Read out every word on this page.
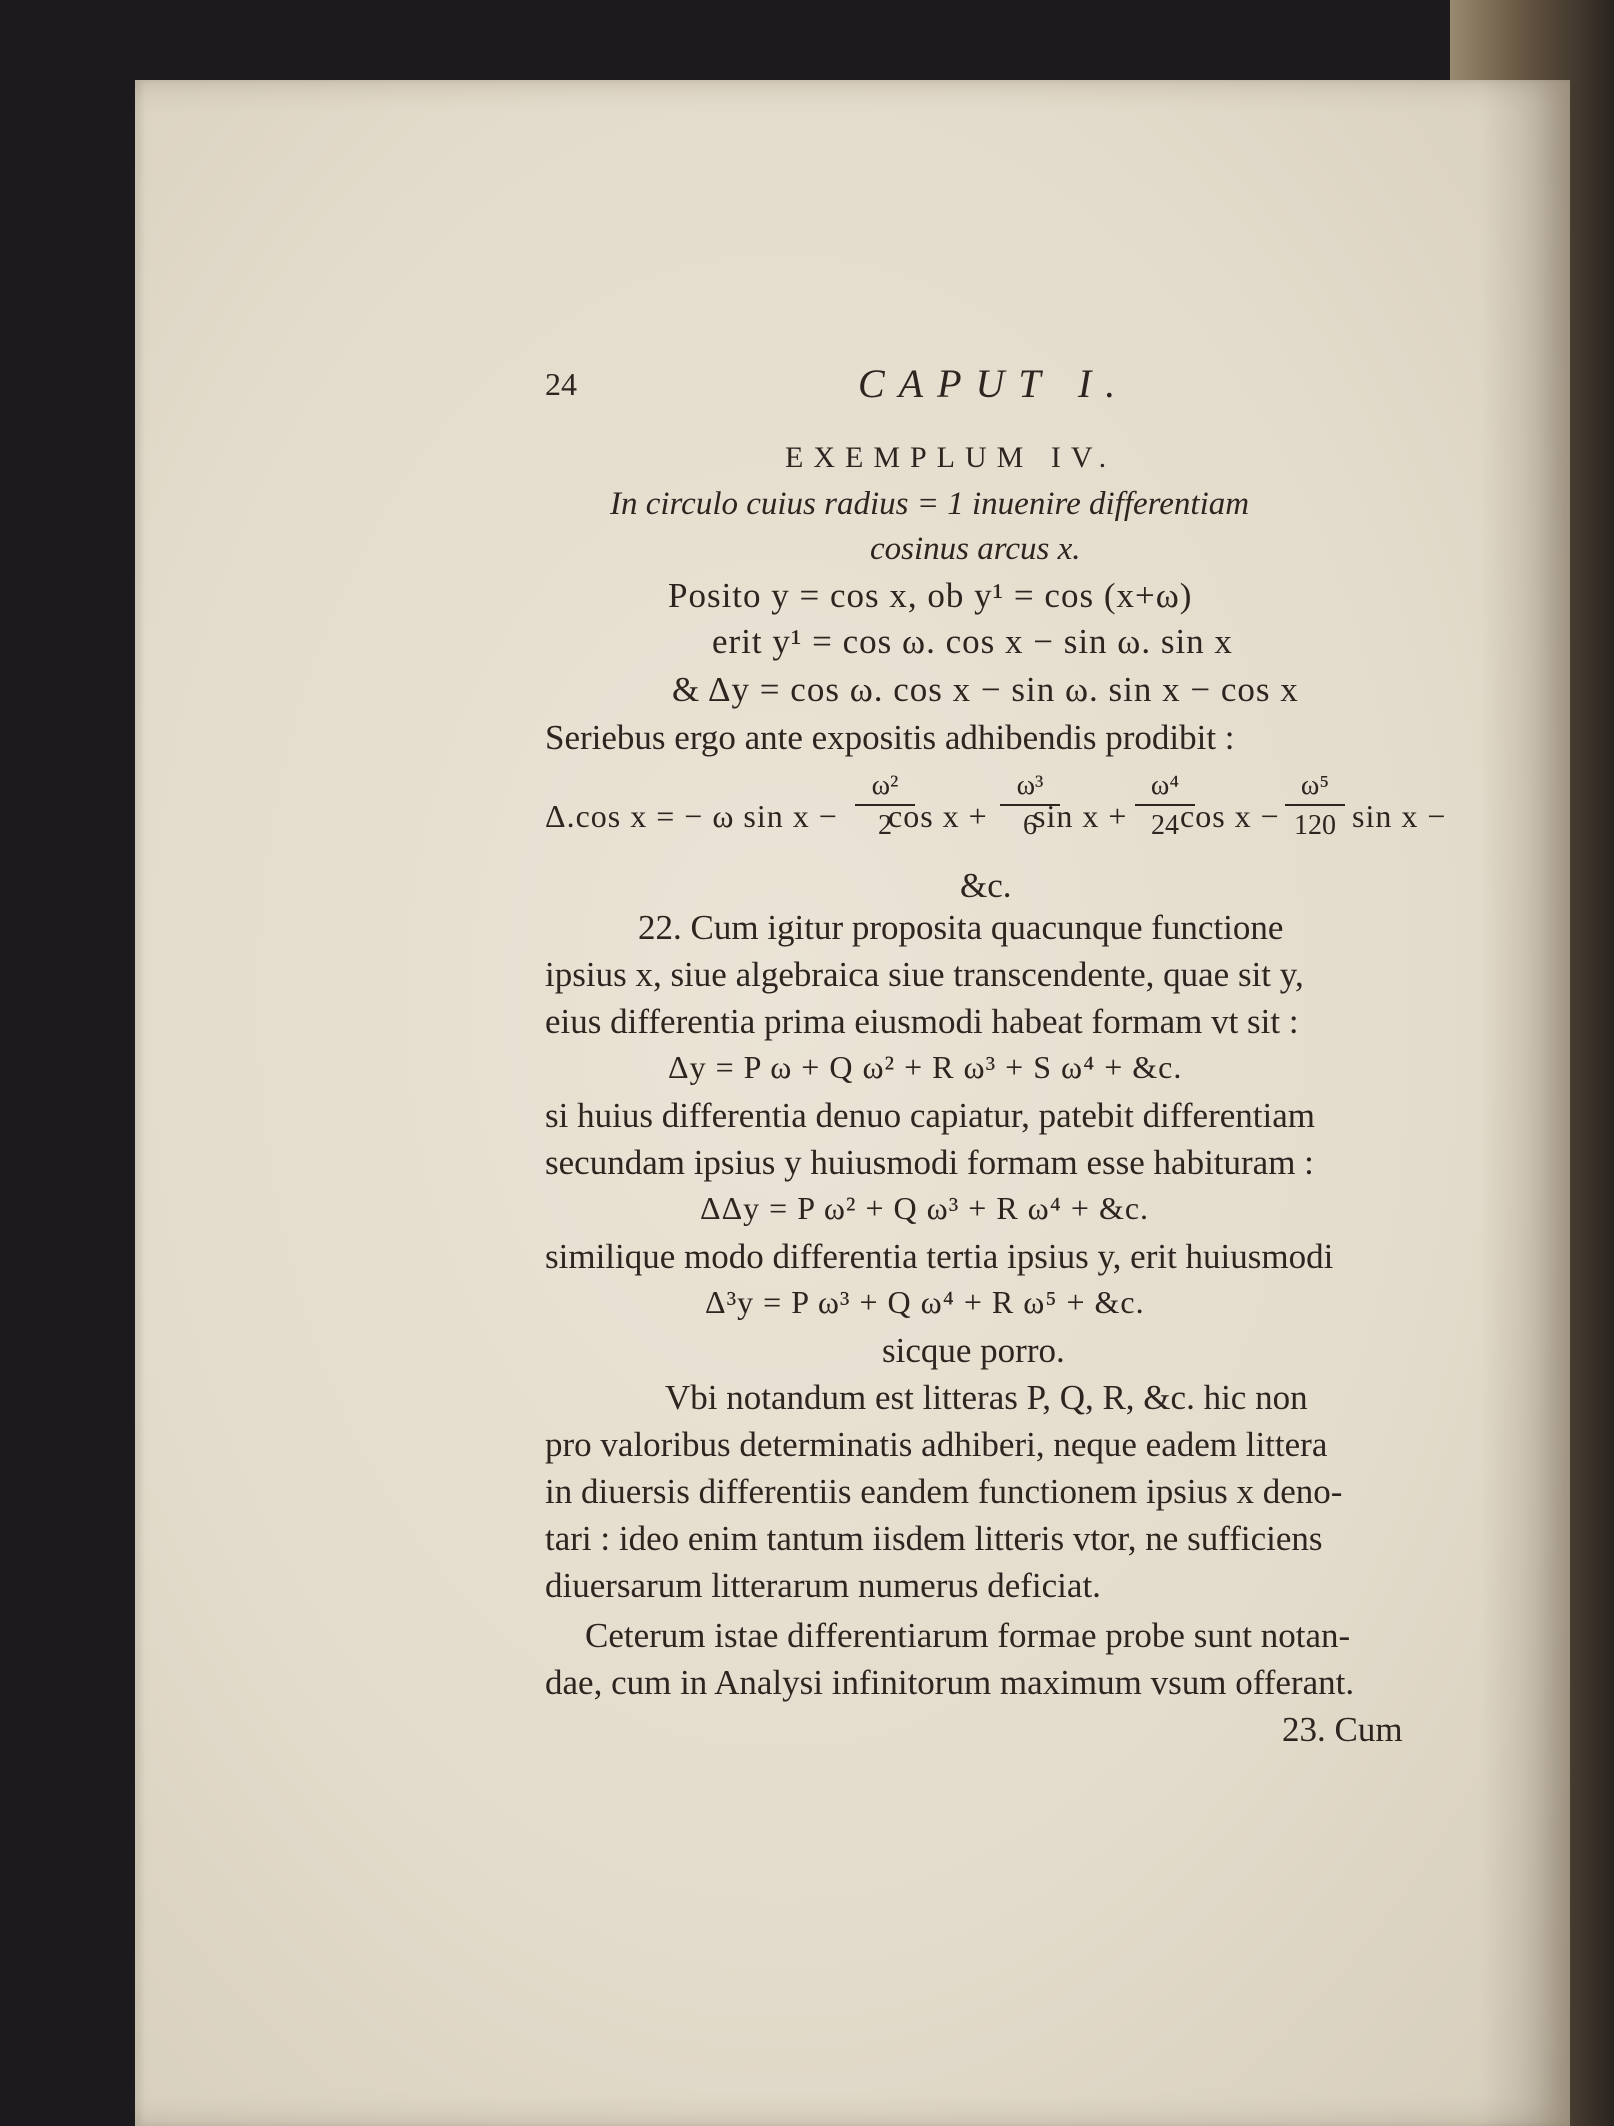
24	CAPUT I.
EXEMPLUM IV.
In circulo cuius radius = 1 inuenire differentiam
cosinus arcus x.
Posito y = cos x, ob y¹ = cos (x+ω)
erit y¹ = cos ω. cos x − sin ω. sin x
& Δy = cos ω. cos x − sin ω. sin x − cos x
Seriebus ergo ante expositis adhibendis prodibit :
Δ.cos x = − ω $\sin x - \frac{\text{ω²}}{2}$
$\cos x + \frac{\text{ω³}}{6}$
$\sin x + \frac{\text{ω⁴}}{24}$
$\cos x - \frac{\text{ω⁵}}{120}$ sin x −
&c.
22. Cum igitur proposita quacunque functione
ipsius x, siue algebraica siue transcendente, quae sit y,
eius differentia prima eiusmodi habeat formam vt sit :
Δy = P ω + Q ω² + R ω³ + S ω⁴ + &c.
si huius differentia denuo capiatur, patebit differentiam
secundam ipsius y huiusmodi formam esse habituram :
ΔΔy = P ω² + Q ω³ + R ω⁴ + &c.
similique modo differentia tertia ipsius y, erit huiusmodi
Δ³y = P ω³ + Q ω⁴ + R ω⁵ + &c.
sicque porro.
Vbi notandum est litteras P, Q, R, &c. hic non
pro valoribus determinatis adhiberi, neque eadem littera
in diuersis differentiis eandem functionem ipsius x deno-
tari : ideo enim tantum iisdem litteris vtor, ne sufficiens
diuersarum litterarum numerus deficiat.
Ceterum istae differentiarum formae probe sunt notan-
dae, cum in Analysi infinitorum maximum vsum offerant.
23. Cum
